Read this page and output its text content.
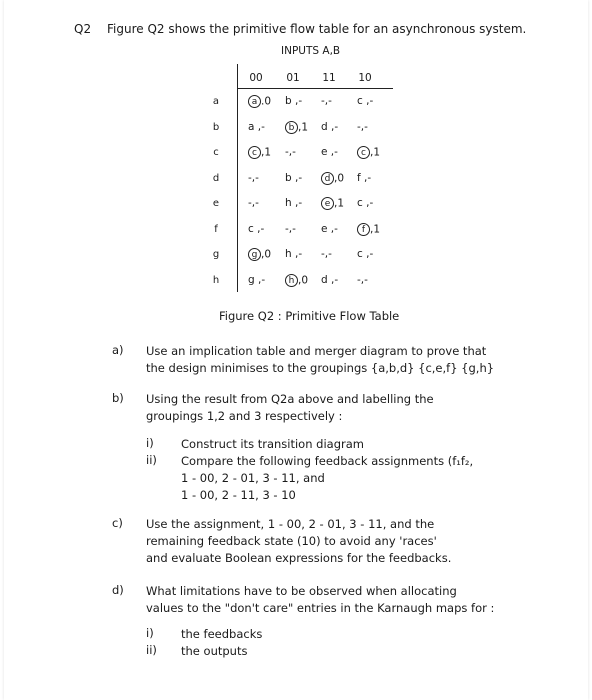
Q2 Figure Q2 shows the primitive flow table for an asynchronous system.
INPUTS A,B
00	01	11	10
a	a .0	b ,-	-,-	c ,-
b	a ,-	b ,1	d ,-	-,-
c	c ,1	-,-	e ,-	c ,1
d	-,-	b ,-	d ,0	f ,-
e	-,-	h ,-	e ,1	c ,-
f	c ,-	-,-	e ,-	f ,1
g	g ,0	h ,-	-,-	c ,-
h	g ,-	h ,0	d ,-	-,-
Figure Q2 : Primitive Flow Table
a) Use an implication table and merger diagram to prove that
the design minimises to the groupings {a,b,d} {c,e,f} {g,h}
b) Using the result from Q2a above and labelling the
groupings 1,2 and 3 respectively :
i) Construct its transition diagram
ii) Compare the following feedback assignments (f₁f₂,
1 - 00, 2 - 01, 3 - 11, and
1 - 00, 2 - 11, 3 - 10
c) Use the assignment, 1 - 00, 2 - 01, 3 - 11, and the
remaining feedback state (10) to avoid any 'races'
and evaluate Boolean expressions for the feedbacks.
d) What limitations have to be observed when allocating
values to the "don't care" entries in the Karnaugh maps for :
i) the feedbacks
ii) the outputs
